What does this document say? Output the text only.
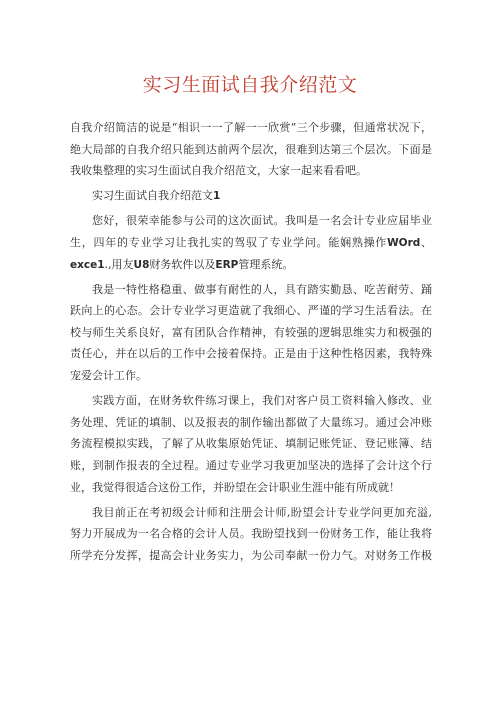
实习生面试自我介绍范文
自我介绍简洁的说是“相识一一了解一一欣赏”三个步骤，但通常状况下，
绝大局部的自我介绍只能到达前两个层次，很难到达第三个层次。下面是
我收集整理的实习生面试自我介绍范文，大家一起来看看吧。
实习生面试自我介绍范文1
您好，很荣幸能参与公司的这次面试。我叫是一名会计专业应届毕业
生，四年的专业学习让我扎实的驾驭了专业学问。能娴熟操作WOrd、
exce1.,用友U8财务软件以及ERP管理系统。
我是一特性格稳重、做事有耐性的人，具有踏实勤恳、吃苦耐劳、踊
跃向上的心态。会计专业学习更造就了我细心、严谨的学习生活看法。在
校与师生关系良好，富有团队合作精神，有较强的逻辑思维实力和极强的
责任心，并在以后的工作中会接着保持。正是由于这种性格因素，我特殊
宠爱会计工作。
实践方面，在财务软件练习课上，我们对客户员工资料输入修改、业
务处理、凭证的填制、以及报表的制作输出都做了大量练习。通过会冲账
务流程模拟实践，了解了从收集原始凭证、填制记账凭证、登记账簿、结
账，到制作报表的全过程。通过专业学习我更加坚决的选择了会计这个行
业，我觉得很适合这份工作，并盼望在会计职业生涯中能有所成就！
我目前正在考初级会计师和注册会计师,盼望会计专业学问更加充溢,
努力开展成为一名合格的会计人员。我盼望找到一份财务工作，能让我将
所学充分发挥，提高会计业务实力，为公司奉献一份力气。对财务工作极
